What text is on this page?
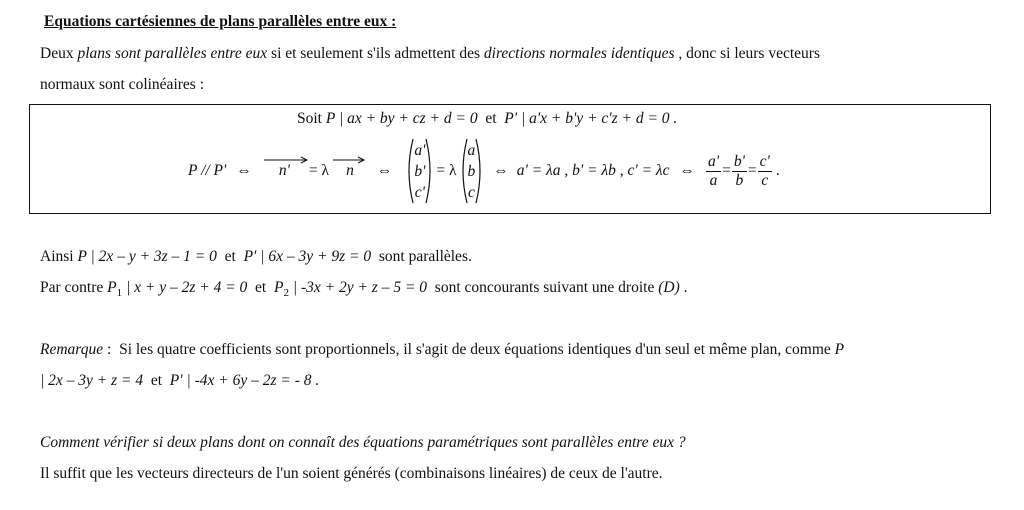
Equations cartésiennes de plans parallèles entre eux :
Deux plans sont parallèles entre eux si et seulement s'ils admettent des directions normales identiques , donc si leurs vecteurs
normaux sont colinéaires :
Soit P | ax + by + cz + d = 0  et  P' | a'x + b'y + c'z + d = 0 .
P // P' ⇔	n'	= λ	n	⇔
a'
b'
c'
= λ
a
b
c
⇔ a' = λa , b' = λb , c' = λc ⇔ $\frac{a'}{a} = \frac{b'}{b} = \frac{c'}{c}$ .
Ainsi P | 2x – y + 3z – 1 = 0  et  P' | 6x – 3y + 9z = 0  sont parallèles.
Par contre $P_1$ | x + y – 2z + 4 = 0  et  $P_2$ | -3x + 2y + z – 5 = 0  sont concourants suivant une droite (D) .
Remarque :  Si les quatre coefficients sont proportionnels, il s'agit de deux équations identiques d'un seul et même plan, comme P
| 2x – 3y + z = 4  et  P' | -4x + 6y – 2z = - 8 .
Comment vérifier si deux plans dont on connaît des équations paramétriques sont parallèles entre eux ?
Il suffit que les vecteurs directeurs de l'un soient générés (combinaisons linéaires) de ceux de l'autre.
